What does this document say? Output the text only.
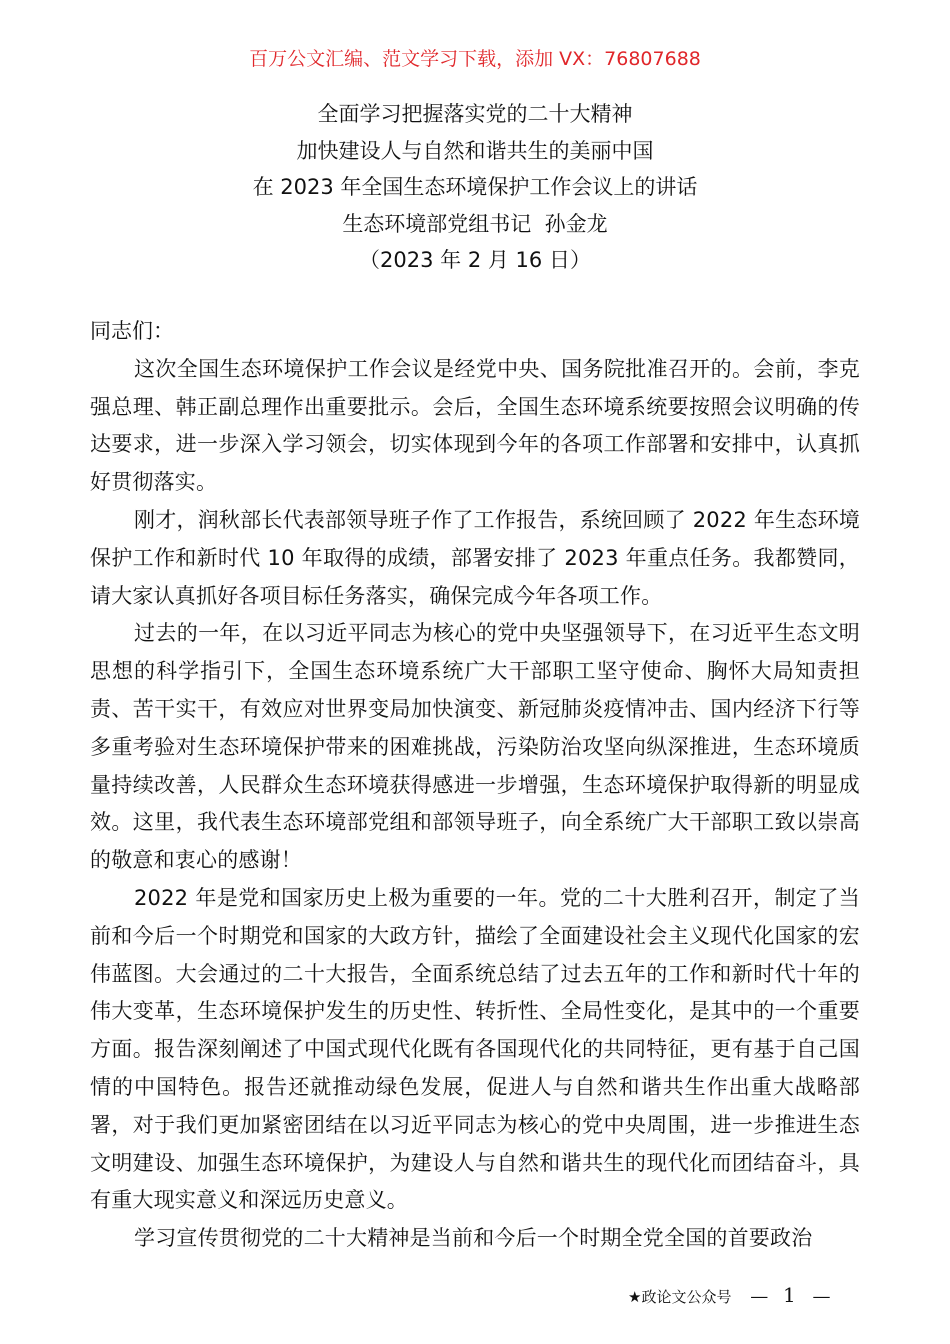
百万公文汇编、范文学习下载，添加 VX：76807688
全面学习把握落实党的二十大精神
加快建设人与自然和谐共生的美丽中国
在 2023 年全国生态环境保护工作会议上的讲话
生态环境部党组书记  孙金龙
（2023 年 2 月 16 日）

同志们：

这次全国生态环境保护工作会议是经党中央、国务院批准召开的。会前，李克强总理、韩正副总理作出重要批示。会后，全国生态环境系统要按照会议明确的传达要求，进一步深入学习领会，切实体现到今年的各项工作部署和安排中，认真抓好贯彻落实。

刚才，润秋部长代表部领导班子作了工作报告，系统回顾了 2022 年生态环境保护工作和新时代 10 年取得的成绩，部署安排了 2023 年重点任务。我都赞同，请大家认真抓好各项目标任务落实，确保完成今年各项工作。

过去的一年，在以习近平同志为核心的党中央坚强领导下，在习近平生态文明思想的科学指引下，全国生态环境系统广大干部职工坚守使命、胸怀大局知责担责、苦干实干，有效应对世界变局加快演变、新冠肺炎疫情冲击、国内经济下行等多重考验对生态环境保护带来的困难挑战，污染防治攻坚向纵深推进，生态环境质量持续改善，人民群众生态环境获得感进一步增强，生态环境保护取得新的明显成效。这里，我代表生态环境部党组和部领导班子，向全系统广大干部职工致以崇高的敬意和衷心的感谢！

2022 年是党和国家历史上极为重要的一年。党的二十大胜利召开，制定了当前和今后一个时期党和国家的大政方针，描绘了全面建设社会主义现代化国家的宏伟蓝图。大会通过的二十大报告，全面系统总结了过去五年的工作和新时代十年的伟大变革，生态环境保护发生的历史性、转折性、全局性变化，是其中的一个重要方面。报告深刻阐述了中国式现代化既有各国现代化的共同特征，更有基于自己国情的中国特色。报告还就推动绿色发展，促进人与自然和谐共生作出重大战略部署，对于我们更加紧密团结在以习近平同志为核心的党中央周围，进一步推进生态文明建设、加强生态环境保护，为建设人与自然和谐共生的现代化而团结奋斗，具有重大现实意义和深远历史意义。

学习宣传贯彻党的二十大精神是当前和今后一个时期全党全国的首要政治

★政论文公众号 — 1 —
